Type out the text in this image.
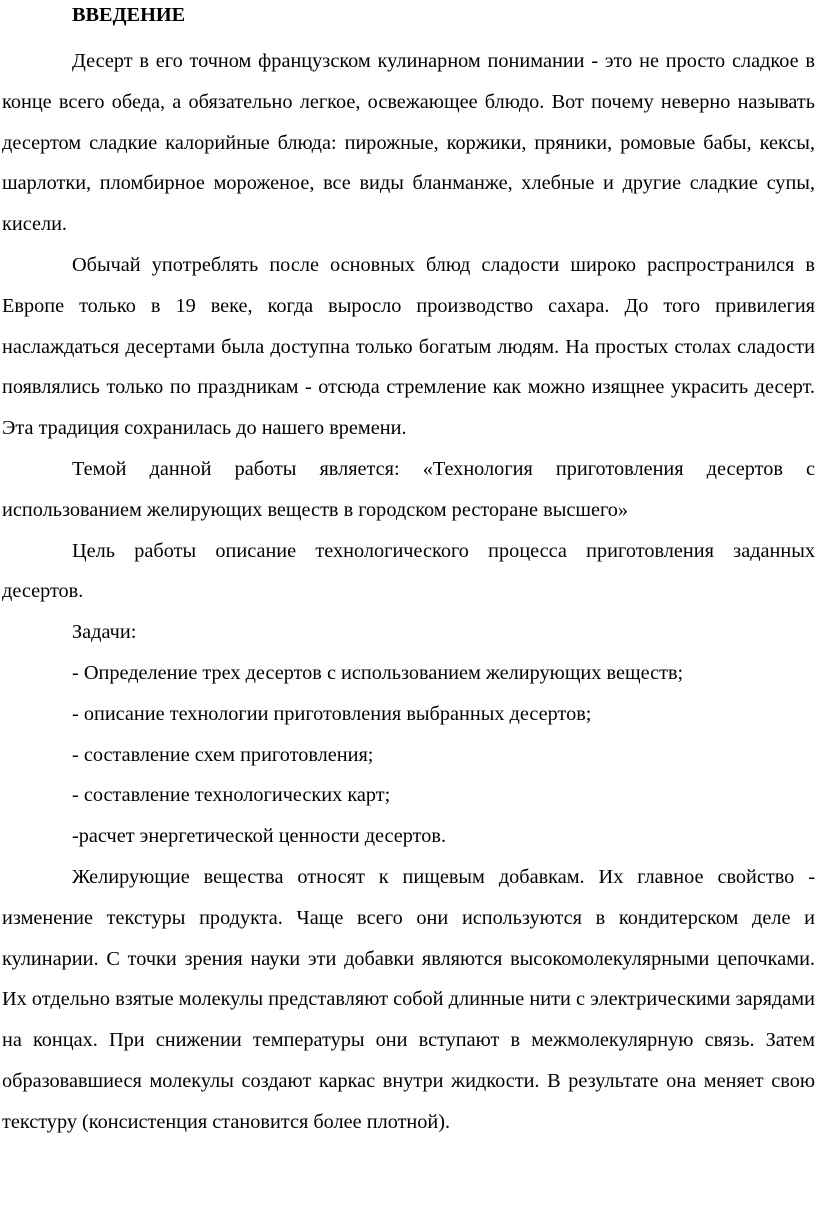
ВВЕДЕНИЕ

Десерт в его точном французском кулинарном понимании - это не просто сладкое в конце всего обеда, а обязательно легкое, освежающее блюдо. Вот почему неверно называть десертом сладкие калорийные блюда: пирожные, коржики, пряники, ромовые бабы, кексы, шарлотки, пломбирное мороженое, все виды бланманже, хлебные и другие сладкие супы, кисели.

Обычай употреблять после основных блюд сладости широко распространился в Европе только в 19 веке, когда выросло производство сахара. До того привилегия наслаждаться десертами была доступна только богатым людям. На простых столах сладости появлялись только по праздникам - отсюда стремление как можно изящнее украсить десерт. Эта традиция сохранилась до нашего времени.

Темой данной работы является: «Технология приготовления десертов с использованием желирующих веществ в городском ресторане высшего»

Цель работы описание технологического процесса приготовления заданных десертов.

Задачи:

- Определение трех десертов с использованием желирующих веществ;
- описание технологии приготовления выбранных десертов;
- составление схем приготовления;
- составление технологических карт;
-расчет энергетической ценности десертов.

Желирующие вещества относят к пищевым добавкам. Их главное свойство - изменение текстуры продукта. Чаще всего они используются в кондитерском деле и кулинарии. С точки зрения науки эти добавки являются высокомолекулярными цепочками. Их отдельно взятые молекулы представляют собой длинные нити с электрическими зарядами на концах. При снижении температуры они вступают в межмолекулярную связь. Затем образовавшиеся молекулы создают каркас внутри жидкости. В результате она меняет свою текстуру (консистенция становится более плотной).
